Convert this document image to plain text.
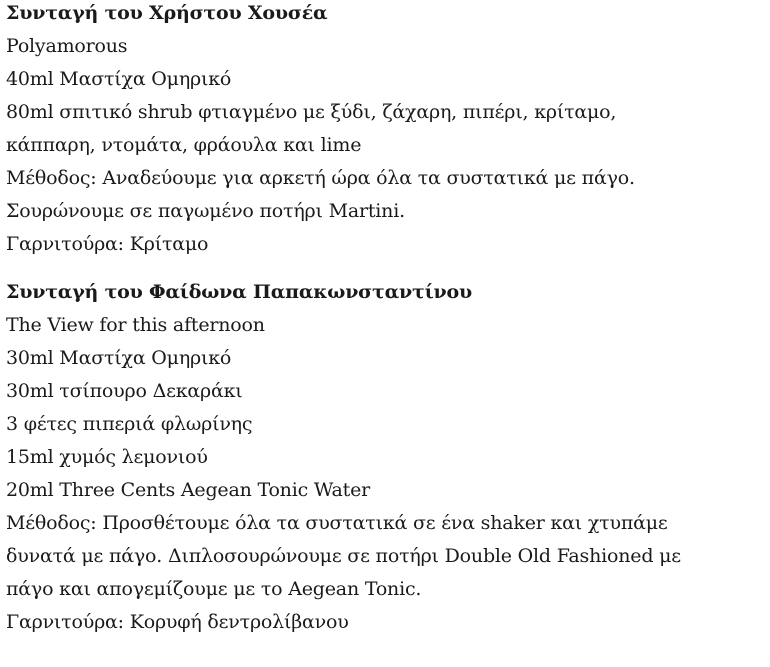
Συνταγή του Χρήστου Χουσέα
Polyamorous
40ml Μαστίχα Ομηρικό
80ml σπιτικό shrub φτιαγμένο με ξύδι, ζάχαρη, πιπέρι, κρίταμο,
κάππαρη, ντομάτα, φράουλα και lime
Μέθοδος: Αναδεύουμε για αρκετή ώρα όλα τα συστατικά με πάγο.
Σουρώνουμε σε παγωμένο ποτήρι Martini.
Γαρνιτούρα: Κρίταμο
Συνταγή του Φαίδωνα Παπακωνσταντίνου
The View for this afternoon
30ml Μαστίχα Ομηρικό
30ml τσίπουρο Δεκαράκι
3 φέτες πιπεριά φλωρίνης
15ml χυμός λεμονιού
20ml Three Cents Aegean Tonic Water
Μέθοδος: Προσθέτουμε όλα τα συστατικά σε ένα shaker και χτυπάμε
δυνατά με πάγο. Διπλοσουρώνουμε σε ποτήρι Double Old Fashioned με
πάγο και απογεμίζουμε με το Aegean Tonic.
Γαρνιτούρα: Κορυφή δεντρολίβανου
